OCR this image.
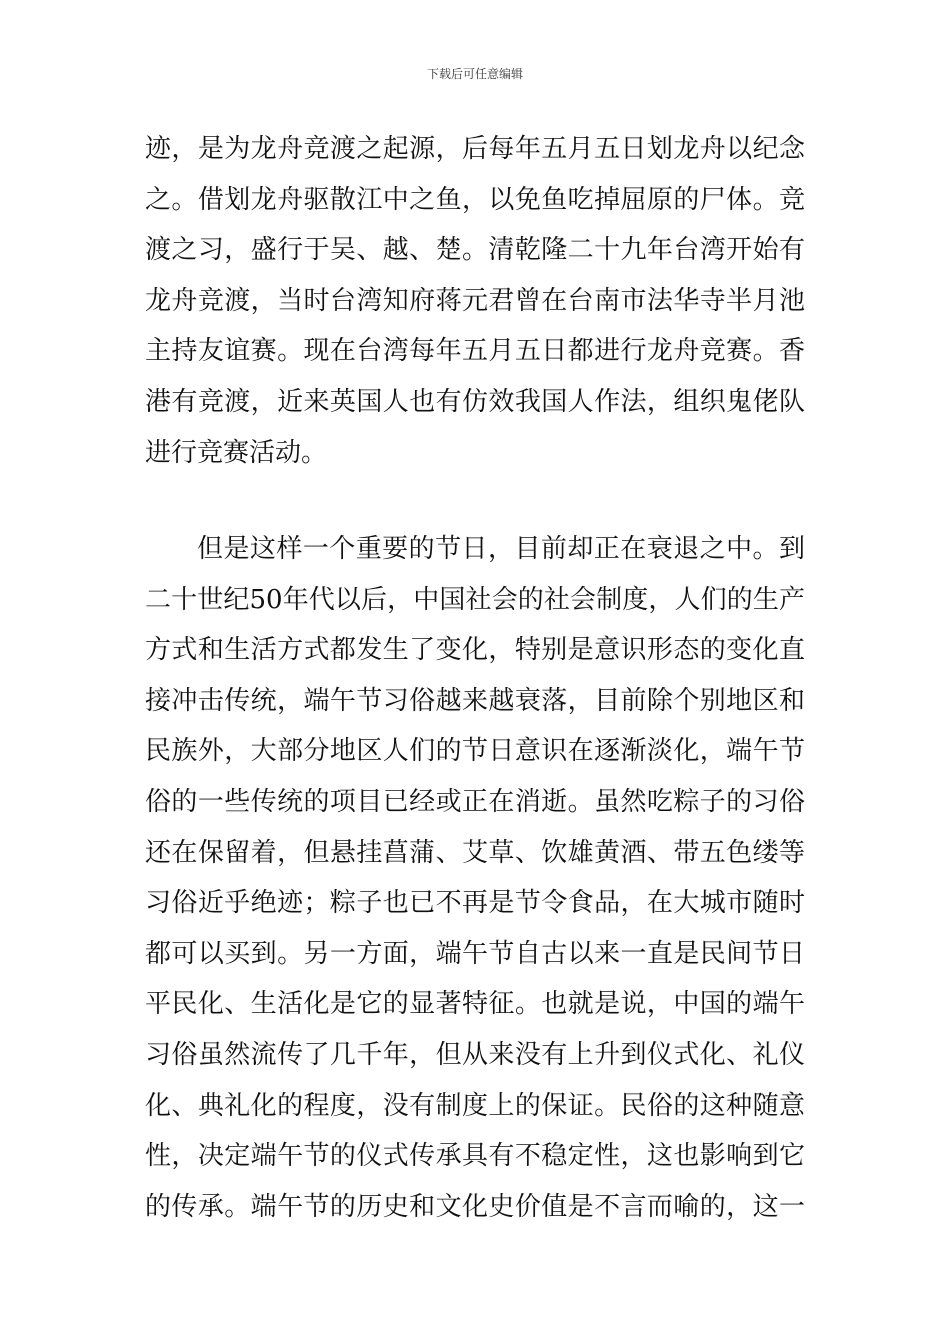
下载后可任意编辑
迹，是为龙舟竞渡之起源，后每年五月五日划龙舟以纪念
之。借划龙舟驱散江中之鱼，以免鱼吃掉屈原的尸体。竞
渡之习，盛行于吴、越、楚。清乾隆二十九年台湾开始有
龙舟竞渡，当时台湾知府蒋元君曾在台南市法华寺半月池
主持友谊赛。现在台湾每年五月五日都进行龙舟竞赛。香
港有竞渡，近来英国人也有仿效我国人作法，组织鬼佬队
进行竞赛活动。
但是这样一个重要的节日，目前却正在衰退之中。到
二十世纪50年代以后，中国社会的社会制度，人们的生产
方式和生活方式都发生了变化，特别是意识形态的变化直
接冲击传统，端午节习俗越来越衰落，目前除个别地区和
民族外，大部分地区人们的节日意识在逐渐淡化，端午节
俗的一些传统的项目已经或正在消逝。虽然吃粽子的习俗
还在保留着，但悬挂菖蒲、艾草、饮雄黄酒、带五色缕等
习俗近乎绝迹；粽子也已不再是节令食品，在大城市随时
都可以买到。另一方面，端午节自古以来一直是民间节日
平民化、生活化是它的显著特征。也就是说，中国的端午
习俗虽然流传了几千年，但从来没有上升到仪式化、礼仪
化、典礼化的程度，没有制度上的保证。民俗的这种随意
性，决定端午节的仪式传承具有不稳定性，这也影响到它
的传承。端午节的历史和文化史价值是不言而喻的，这一
